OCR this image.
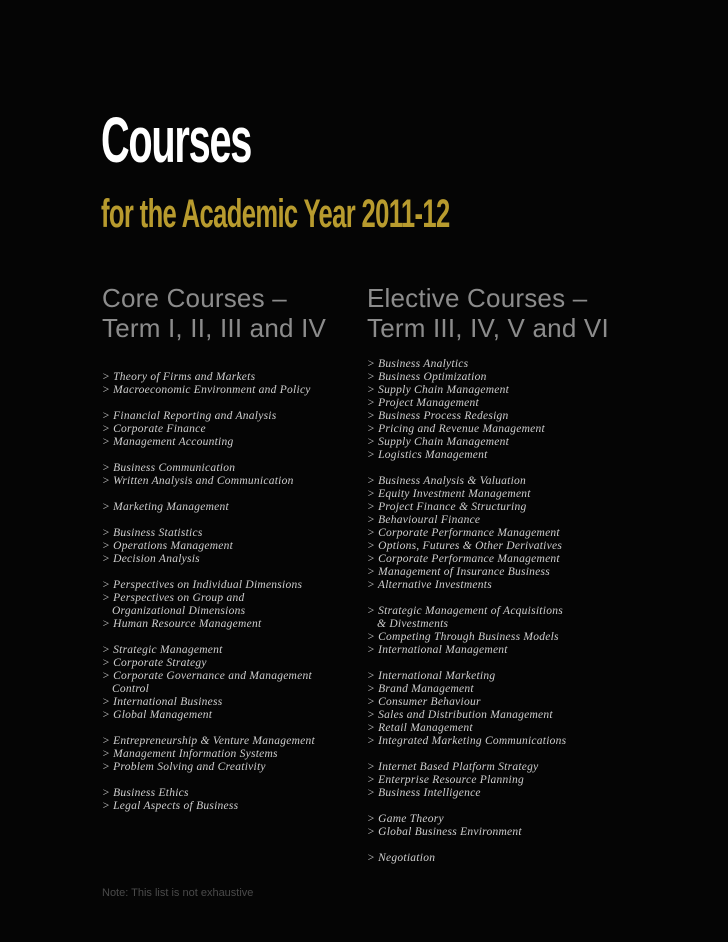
Courses
for the Academic Year 2011-12
Core Courses –
Term I, II, III and IV
> Theory of Firms and Markets
> Macroeconomic Environment and Policy
> Financial Reporting and Analysis
> Corporate Finance
> Management Accounting
> Business Communication
> Written Analysis and Communication
> Marketing Management
> Business Statistics
> Operations Management
> Decision Analysis
> Perspectives on Individual Dimensions
> Perspectives on Group and
Organizational Dimensions
> Human Resource Management
> Strategic Management
> Corporate Strategy
> Corporate Governance and Management
Control
> International Business
> Global Management
> Entrepreneurship & Venture Management
> Management Information Systems
> Problem Solving and Creativity
> Business Ethics
> Legal Aspects of Business
Elective Courses –
Term III, IV, V and VI
> Business Analytics
> Business Optimization
> Supply Chain Management
> Project Management
> Business Process Redesign
> Pricing and Revenue Management
> Supply Chain Management
> Logistics Management
> Business Analysis & Valuation
> Equity Investment Management
> Project Finance & Structuring
> Behavioural Finance
> Corporate Performance Management
> Options, Futures & Other Derivatives
> Corporate Performance Management
> Management of Insurance Business
> Alternative Investments
> Strategic Management of Acquisitions
& Divestments
> Competing Through Business Models
> International Management
> International Marketing
> Brand Management
> Consumer Behaviour
> Sales and Distribution Management
> Retail Management
> Integrated Marketing Communications
> Internet Based Platform Strategy
> Enterprise Resource Planning
> Business Intelligence
> Game Theory
> Global Business Environment
> Negotiation

Note: This list is not exhaustive
